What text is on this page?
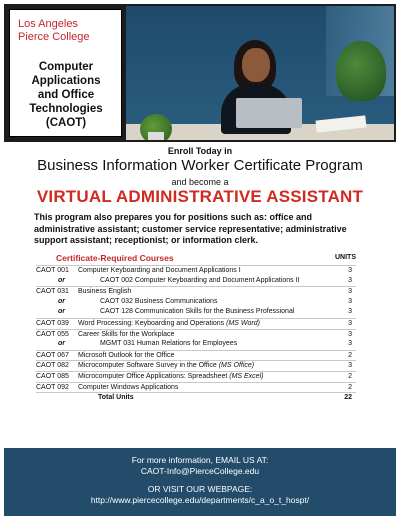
Los Angeles
Pierce College
Computer
Applications
and Office
Technologies
(CAOT)
Enroll Today in
Business Information Worker Certificate Program
and become a
VIRTUAL ADMINISTRATIVE ASSISTANT
This program also prepares you for positions such as: office and administrative assistant; customer service representative; administrative support assistant; receptionist; or information clerk.
Certificate-Required Courses	UNITS
CAOT 001 Computer Keyboarding and Document Applications I	3
or	CAOT 002 Computer Keyboarding and Document Applications II	3
CAOT 031 Business English	3
or	CAOT 032 Business Communications	3
or	CAOT 128 Communication Skills for the Business Professional	3
CAOT 039 Word Processing: Keyboarding and Operations (MS Word)	3
CAOT 055 Career Skills for the Workplace	3
or	MGMT 031 Human Relations for Employees	3
CAOT 067 Microsoft Outlook for the Office	2
CAOT 082 Microcomputer Software Survey in the Office (MS Office)	3
CAOT 085 Microcomputer Office Applications: Spreadsheet (MS Excel)	2
CAOT 092 Computer Windows Applications	2
Total Units	22
For more information, EMAIL US AT:
CAOT-Info@PierceCollege.edu
OR VISIT OUR WEBPAGE:
http://www.piercecollege.edu/departments/c_a_o_t_hospt/
